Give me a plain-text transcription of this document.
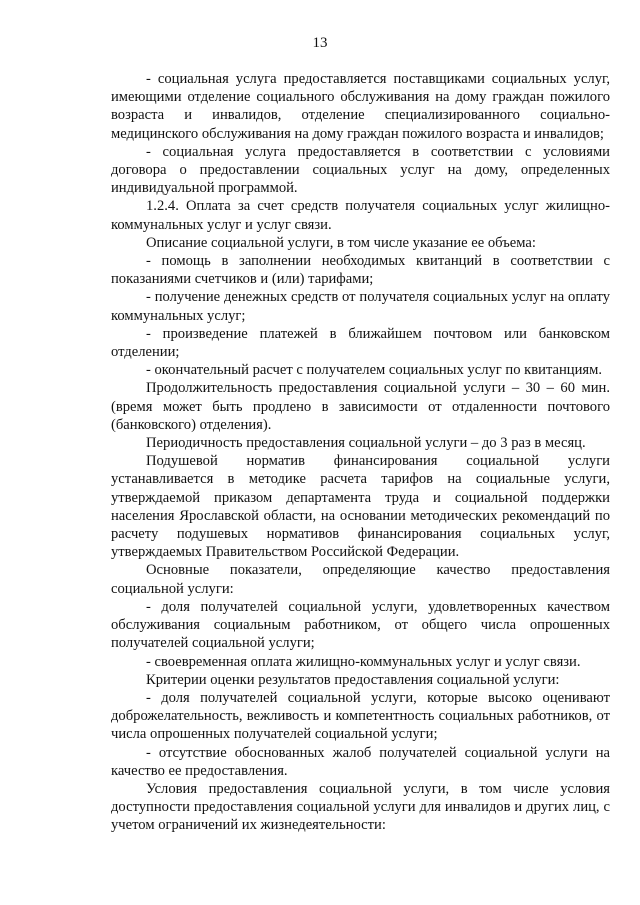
13

- социальная услуга предоставляется поставщиками социальных услуг, имеющими отделение социального обслуживания на дому граждан пожилого возраста и инвалидов, отделение специализированного социально-медицинского обслуживания на дому граждан пожилого возраста и инвалидов;

- социальная услуга предоставляется в соответствии с условиями договора о предоставлении социальных услуг на дому, определенных индивидуальной программой.

1.2.4. Оплата за счет средств получателя социальных услуг жилищно-коммунальных услуг и услуг связи.

Описание социальной услуги, в том числе указание ее объема:

- помощь в заполнении необходимых квитанций в соответствии с показаниями счетчиков и (или) тарифами;

- получение денежных средств от получателя социальных услуг на оплату коммунальных услуг;

- произведение платежей в ближайшем почтовом или банковском отделении;

- окончательный расчет с получателем социальных услуг по квитанциям.

Продолжительность предоставления социальной услуги – 30 – 60 мин. (время может быть продлено в зависимости от отдаленности почтового (банковского) отделения).

Периодичность предоставления социальной услуги – до 3 раз в месяц.

Подушевой норматив финансирования социальной услуги устанавливается в методике расчета тарифов на социальные услуги, утверждаемой приказом департамента труда и социальной поддержки населения Ярославской области, на основании методических рекомендаций по расчету подушевых нормативов финансирования социальных услуг, утверждаемых Правительством Российской Федерации.

Основные показатели, определяющие качество предоставления социальной услуги:

- доля получателей социальной услуги, удовлетворенных качеством обслуживания социальным работником, от общего числа опрошенных получателей социальной услуги;

- своевременная оплата жилищно-коммунальных услуг и услуг связи.

Критерии оценки результатов предоставления социальной услуги:

- доля получателей социальной услуги, которые высоко оценивают доброжелательность, вежливость и компетентность социальных работников, от числа опрошенных получателей социальной услуги;

- отсутствие обоснованных жалоб получателей социальной услуги на качество ее предоставления.

Условия предоставления социальной услуги, в том числе условия доступности предоставления социальной услуги для инвалидов и других лиц, с учетом ограничений их жизнедеятельности:
